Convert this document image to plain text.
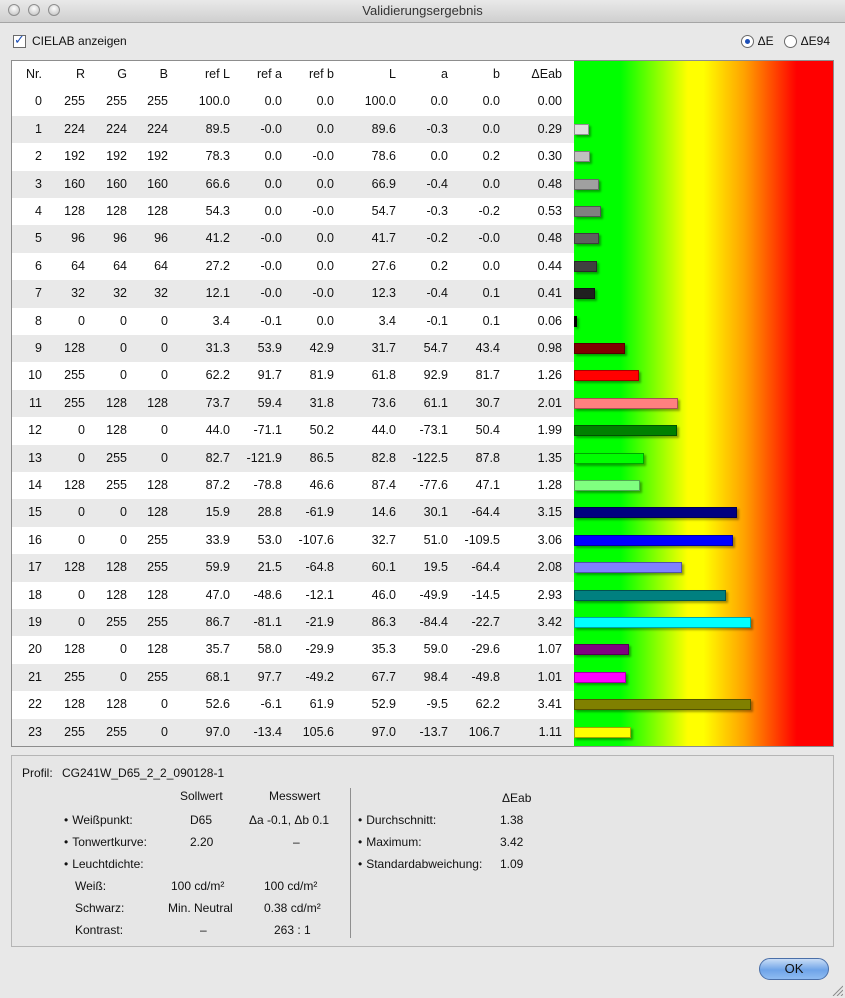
Validierungsergebnis
✓ CIELAB anzeigen	ΔE ΔE94
Nr.	R	G	B	ref L	ref a	ref b	L	a	b	ΔEab
0	255	255	255	100.0	0.0	0.0	100.0	0.0	0.0	0.00
1	224	224	224	89.5	-0.0	0.0	89.6	-0.3	0.0	0.29
2	192	192	192	78.3	0.0	-0.0	78.6	0.0	0.2	0.30
3	160	160	160	66.6	0.0	0.0	66.9	-0.4	0.0	0.48
4	128	128	128	54.3	0.0	-0.0	54.7	-0.3	-0.2	0.53
5	96	96	96	41.2	-0.0	0.0	41.7	-0.2	-0.0	0.48
6	64	64	64	27.2	-0.0	0.0	27.6	0.2	0.0	0.44
7	32	32	32	12.1	-0.0	-0.0	12.3	-0.4	0.1	0.41
8	0	0	0	3.4	-0.1	0.0	3.4	-0.1	0.1	0.06
9	128	0	0	31.3	53.9	42.9	31.7	54.7	43.4	0.98
10	255	0	0	62.2	91.7	81.9	61.8	92.9	81.7	1.26
11	255	128	128	73.7	59.4	31.8	73.6	61.1	30.7	2.01
12	0	128	0	44.0	-71.1	50.2	44.0	-73.1	50.4	1.99
13	0	255	0	82.7	-121.9	86.5	82.8	-122.5	87.8	1.35
14	128	255	128	87.2	-78.8	46.6	87.4	-77.6	47.1	1.28
15	0	0	128	15.9	28.8	-61.9	14.6	30.1	-64.4	3.15
16	0	0	255	33.9	53.0	-107.6	32.7	51.0	-109.5	3.06
17	128	128	255	59.9	21.5	-64.8	60.1	19.5	-64.4	2.08
18	0	128	128	47.0	-48.6	-12.1	46.0	-49.9	-14.5	2.93
19	0	255	255	86.7	-81.1	-21.9	86.3	-84.4	-22.7	3.42
20	128	0	128	35.7	58.0	-29.9	35.3	59.0	-29.6	1.07
21	255	0	255	68.1	97.7	-49.2	67.7	98.4	-49.8	1.01
22	128	128	0	52.6	-6.1	61.9	52.9	-9.5	62.2	3.41
23	255	255	0	97.0	-13.4	105.6	97.0	-13.7	106.7	1.11
Profil: CG241W_D65_2_2_090128-1
Sollwert	Messwert	ΔEab
• Weißpunkt:	D65	Δa -0.1, Δb 0.1
• Tonwertkurve:	2.20	–
• Leuchtdichte:
Weiß:	100 cd/m²	100 cd/m²
Schwarz:	Min. Neutral	0.38 cd/m²
Kontrast:	–	263 : 1
• Durchschnitt:	1.38
• Maximum:	3.42
• Standardabweichung: 1.09
OK
